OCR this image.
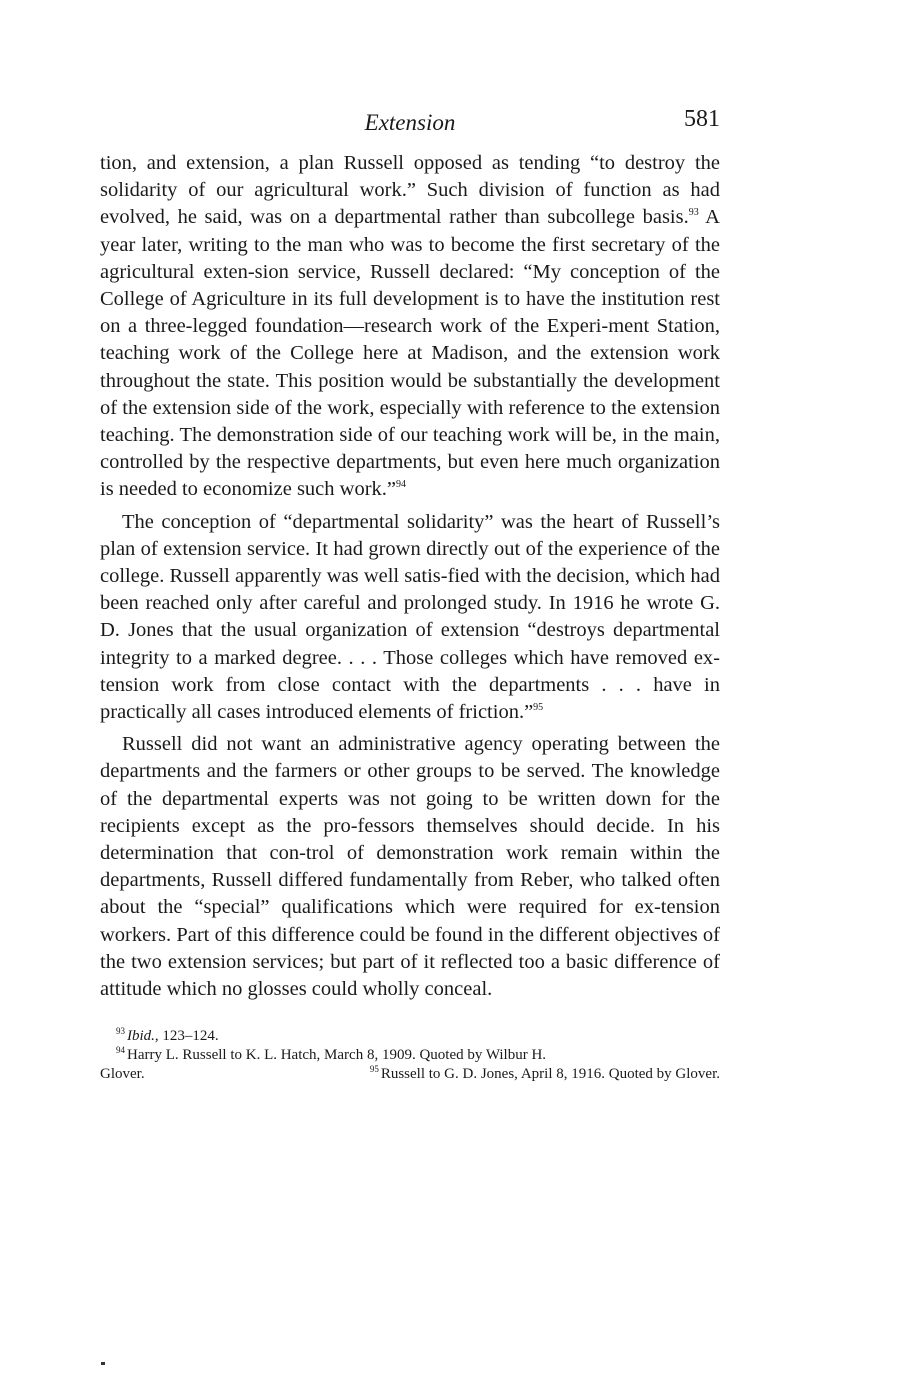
Extension	581

tion, and extension, a plan Russell opposed as tending “to destroy the solidarity of our agricultural work.” Such division of function as had evolved, he said, was on a departmental rather than subcollege basis.$^{93}$ A year later, writing to the man who was to become the first secretary of the agricultural exten-sion service, Russell declared: “My conception of the College of Agriculture in its full development is to have the institution rest on a three-legged foundation—research work of the Experi-ment Station, teaching work of the College here at Madison, and the extension work throughout the state. This position would be substantially the development of the extension side of the work, especially with reference to the extension teaching. The demonstration side of our teaching work will be, in the main, controlled by the respective departments, but even here much organization is needed to economize such work.”$^{94}$

The conception of “departmental solidarity” was the heart of Russell’s plan of extension service. It had grown directly out of the experience of the college. Russell apparently was well satis-fied with the decision, which had been reached only after careful and prolonged study. In 1916 he wrote G. D. Jones that the usual organization of extension “destroys departmental integrity to a marked degree. . . . Those colleges which have removed ex-tension work from close contact with the departments . . . have in practically all cases introduced elements of friction.”$^{95}$

Russell did not want an administrative agency operating between the departments and the farmers or other groups to be served. The knowledge of the departmental experts was not going to be written down for the recipients except as the pro-fessors themselves should decide. In his determination that con-trol of demonstration work remain within the departments, Russell differed fundamentally from Reber, who talked often about the “special” qualifications which were required for ex-tension workers. Part of this difference could be found in the different objectives of the two extension services; but part of it reflected too a basic difference of attitude which no glosses could wholly conceal.

$^{93}$ Ibid., 123–124.

$^{94}$ Harry L. Russell to K. L. Hatch, March 8, 1909. Quoted by Wilbur H.

Glover.	$^{95}$ Russell to G. D. Jones, April 8, 1916. Quoted by Glover.
